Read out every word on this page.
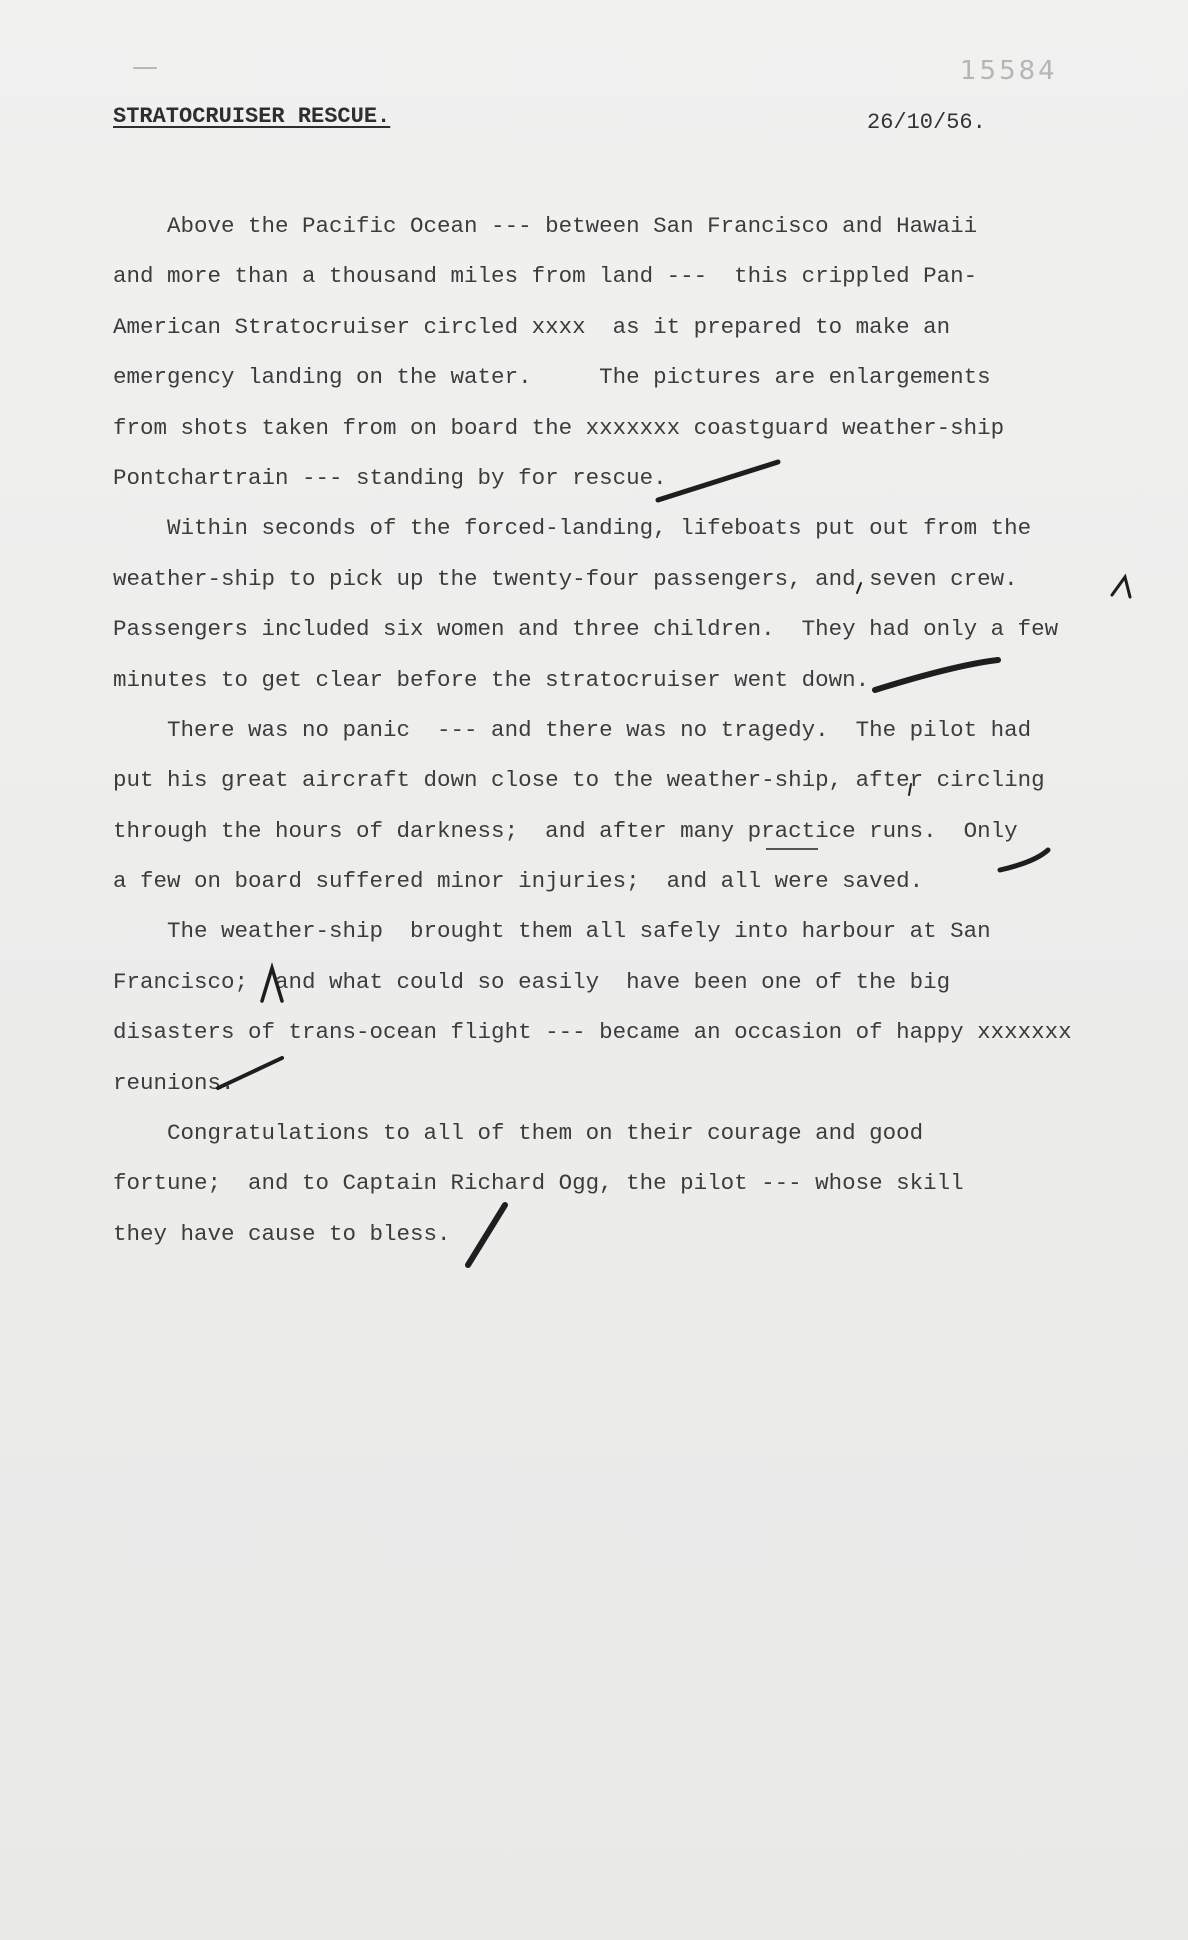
15584
—
STRATOCRUISER RESCUE.	26/10/56.
Above the Pacific Ocean --- between San Francisco and Hawaii
and more than a thousand miles from land ---  this crippled Pan-
American Stratocruiser circled xxxx  as it prepared to make an
emergency landing on the water.     The pictures are enlargements
from shots taken from on board the xxxxxxx coastguard weather-ship
Pontchartrain --- standing by for rescue.
Within seconds of the forced-landing, lifeboats put out from the
weather-ship to pick up the twenty-four passengers, and seven crew.
Passengers included six women and three children.  They had only a few
minutes to get clear before the stratocruiser went down.
There was no panic  --- and there was no tragedy.  The pilot had
put his great aircraft down close to the weather-ship, after circling
through the hours of darkness;  and after many practice runs.  Only
a few on board suffered minor injuries;  and all were saved.
The weather-ship  brought them all safely into harbour at San
Francisco;  and what could so easily  have been one of the big
disasters of trans-ocean flight --- became an occasion of happy xxxxxxx
reunions.
Congratulations to all of them on their courage and good
fortune;  and to Captain Richard Ogg, the pilot --- whose skill
they have cause to bless.
